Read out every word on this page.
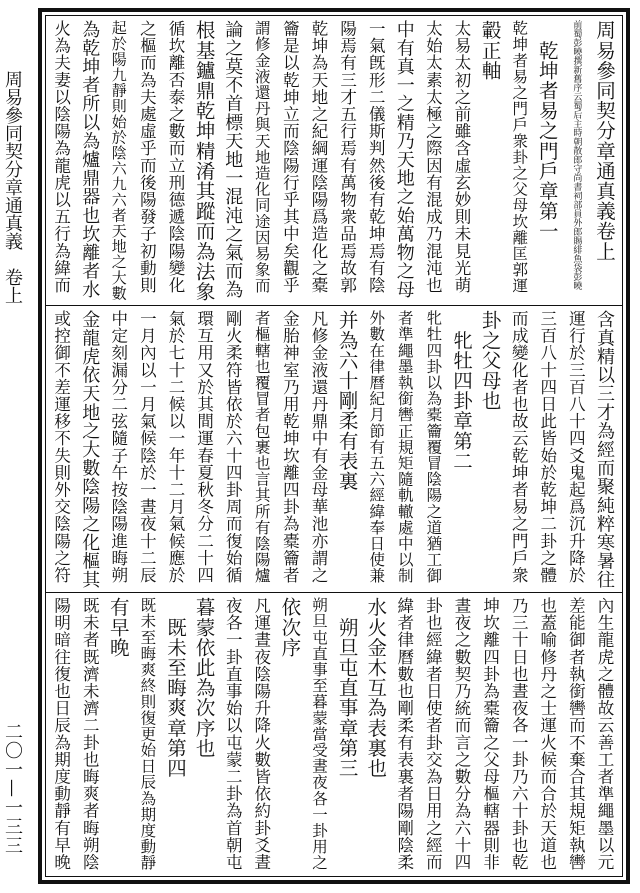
周易參同契分章通真義　卷上
二〇一—一三三
周易參同契分章通真義卷上
前蜀彭曉撰新舊序云蜀后主時朝散郎守尚書祠部員外郎賜緋魚袋彭曉
　乾坤者易之門戶章第一
乾坤者易之門戶衆卦之父母坎離匡郭運
轂正軸
太易太初之前雖含虛玄妙則未見光萌
太始太素太極之際因有混成乃混沌也
中有真一之精乃天地之始萬物之母
一氣旣形二儀斯判然後有乾坤焉有陰
陽焉有三才五行焉有萬物衆品焉故郭
乾坤為天地之紀綱運陰陽爲造化之橐
籥是以乾坤立而陰陽行乎其中矣觀乎
謂修金液還丹與天地造化同途因易象而
論之莫不首標天地一混沌之氣而為
根基鑪鼎乾坤精淆其蹤而為法象
循坎離否泰之數而立刑德遞陰陽變化
之樞而為夫處虛乎而後陽發子初動則
起於陽九靜則始於陰六九六者天地之大數
為乾坤者所以為爐鼎器也坎離者水
火為夫妻以陰陽為龍虎以五行為緯而
含真精以三才為經而聚純粹寒暑往
運行於三百八十四爻鬼起爲沉升降於
三百八十四日此皆始於乾坤二卦之體
而成變化者也故云乾坤者易之門戶衆
卦之父母也
　牝牡四卦章第二
牝牡四卦以為橐籥覆冒陰陽之道猶工御
者準繩墨執銜轡正規矩隨軌轍處中以制
外數在律曆紀月節有五六經緯奉日使兼
并為六十剛柔有表裏
凡修金液還丹鼎中有金母華池亦謂之
金胎神室乃用乾坤坎離四卦為橐籥者
者樞轄也覆冒者包裹也言其所有陰陽爐
剛火柔符皆依於六十四卦周而復始循
環互用又於其間運春夏秋冬分二十四
氣於七十二候以一年十二月氣候應於
一月內以一月氣候陰於一晝夜十二辰
中定刻漏分二弦隨子午按陰陽進晦朔
金龍虎依天地之大數陰陽之化樞其
或控御不差運移不失則外交陰陽之符
內生龍虎之體故云善工者準繩墨以元
差能御者執銜轡而不棄合其規矩執轡
也蓋喻修丹之士運火候而合於天道也
乃三十日也晝夜各一卦乃六十卦也乾
坤坎離四卦為橐籥之父母樞轄器則非
晝夜之數契乃統而言之數分為六十四
卦也經緯者日使者卦交為日用之經而
緯者律曆數也剛柔有表裏者陽剛陰柔
水火金木互為表裏也
　朔旦屯直事章第三
朔旦屯直事至暮蒙當受晝夜各一卦用之
依次序
凡運晝夜陰陽升降火數皆依約卦爻晝
夜各一卦直事始以屯蒙二卦為首朝屯
暮蒙依此為次序也
　既未至晦爽章第四
既未至晦爽終則復更始日辰為期度動靜
有早晚
既未者既濟未濟二卦也晦爽者晦朔陰
陽明暗往復也日辰為期度動靜有早晚
